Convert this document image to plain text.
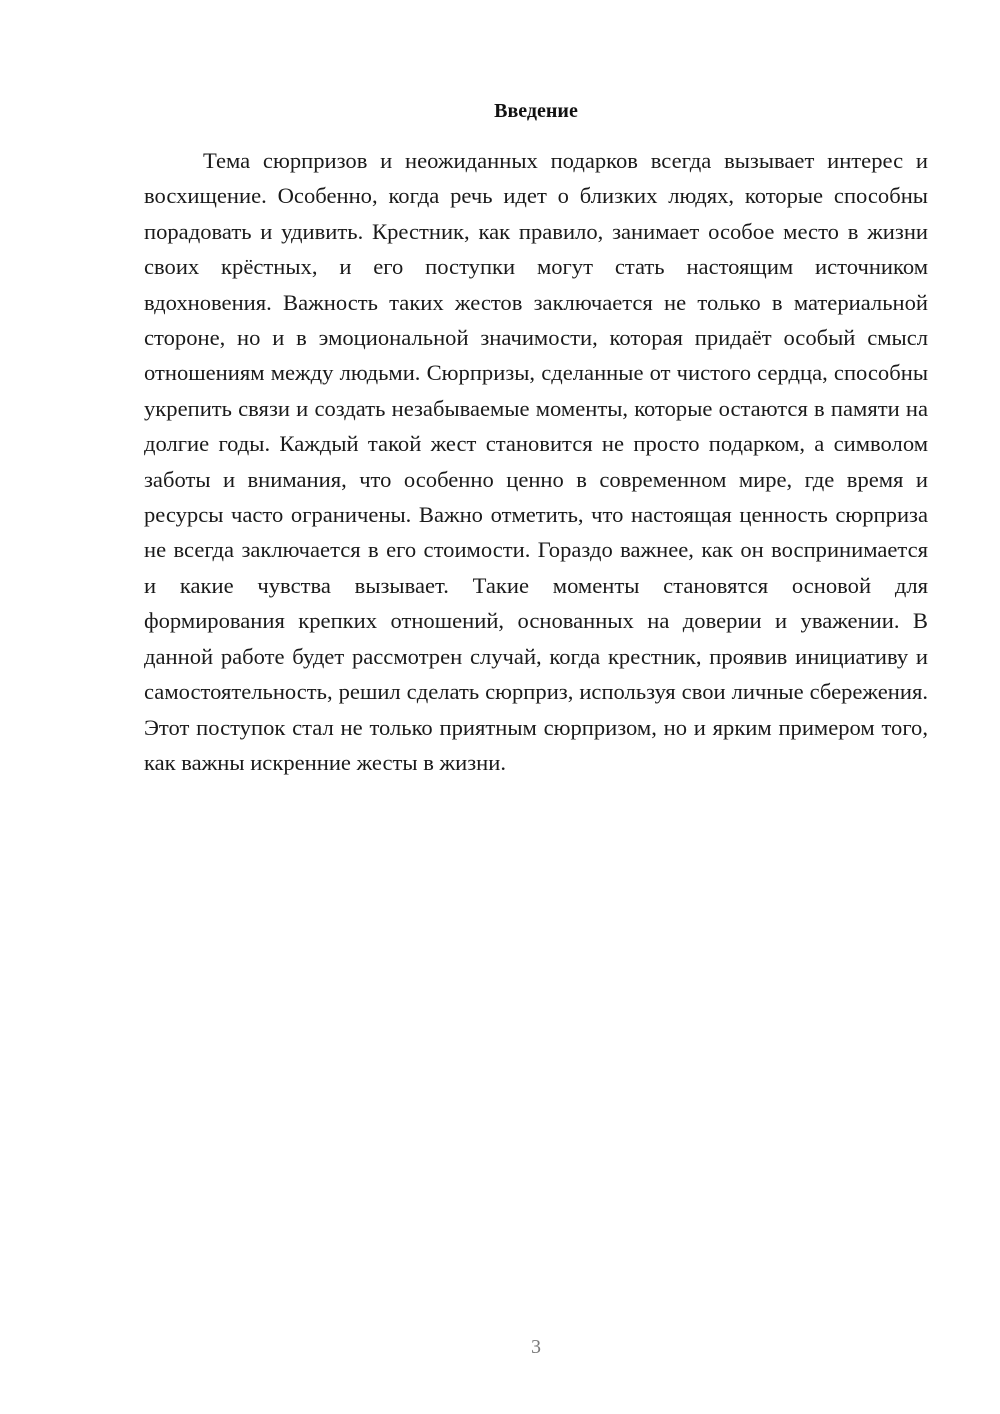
Введение

Тема сюрпризов и неожиданных подарков всегда вызывает интерес и восхищение. Особенно, когда речь идет о близких людях, которые способны порадовать и удивить. Крестник, как правило, занимает особое место в жизни своих крёстных, и его поступки могут стать настоящим источником вдохновения. Важность таких жестов заключается не только в материальной стороне, но и в эмоциональной значимости, которая придаёт особый смысл отношениям между людьми. Сюрпризы, сделанные от чистого сердца, способны укрепить связи и создать незабываемые моменты, которые остаются в памяти на долгие годы. Каждый такой жест становится не просто подарком, а символом заботы и внимания, что особенно ценно в современном мире, где время и ресурсы часто ограничены. Важно отметить, что настоящая ценность сюрприза не всегда заключается в его стоимости. Гораздо важнее, как он воспринимается и какие чувства вызывает. Такие моменты становятся основой для формирования крепких отношений, основанных на доверии и уважении. В данной работе будет рассмотрен случай, когда крестник, проявив инициативу и самостоятельность, решил сделать сюрприз, используя свои личные сбережения. Этот поступок стал не только приятным сюрпризом, но и ярким примером того, как важны искренние жесты в жизни.

3
